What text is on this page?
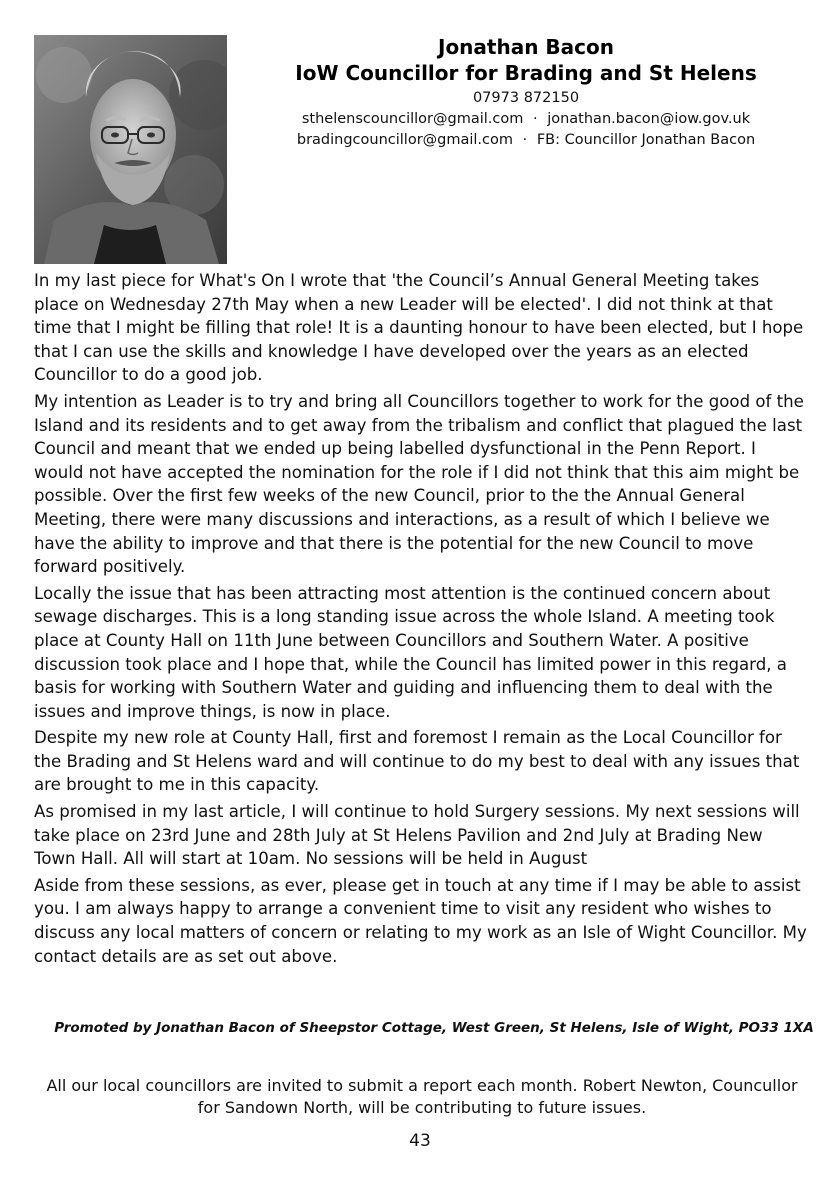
Jonathan Bacon
IoW Councillor for Brading and St Helens
07973 872150
sthelenscouncillor@gmail.com · jonathan.bacon@iow.gov.uk
bradingcouncillor@gmail.com · FB: Councillor Jonathan Bacon

In my last piece for What's On I wrote that 'the Council’s Annual General Meeting takes place on Wednesday 27th May when a new Leader will be elected'. I did not think at that time that I might be filling that role! It is a daunting honour to have been elected, but I hope that I can use the skills and knowledge I have developed over the years as an elected Councillor to do a good job.

My intention as Leader is to try and bring all Councillors together to work for the good of the Island and its residents and to get away from the tribalism and conflict that plagued the last Council and meant that we ended up being labelled dysfunctional in the Penn Report. I would not have accepted the nomination for the role if I did not think that this aim might be possible. Over the first few weeks of the new Council, prior to the the Annual General Meeting, there were many discussions and interactions, as a result of which I believe we have the ability to improve and that there is the potential for the new Council to move forward positively.

Locally the issue that has been attracting most attention is the continued concern about sewage discharges. This is a long standing issue across the whole Island. A meeting took place at County Hall on 11th June between Councillors and Southern Water. A positive discussion took place and I hope that, while the Council has limited power in this regard, a basis for working with Southern Water and guiding and influencing them to deal with the issues and improve things, is now in place.

Despite my new role at County Hall, first and foremost I remain as the Local Councillor for the Brading and St Helens ward and will continue to do my best to deal with any issues that are brought to me in this capacity.

As promised in my last article, I will continue to hold Surgery sessions. My next sessions will take place on 23rd June and 28th July at St Helens Pavilion and 2nd July at Brading New Town Hall. All will start at 10am. No sessions will be held in August

Aside from these sessions, as ever, please get in touch at any time if I may be able to assist you. I am always happy to arrange a convenient time to visit any resident who wishes to discuss any local matters of concern or relating to my work as an Isle of Wight Councillor. My contact details are as set out above.

Promoted by Jonathan Bacon of Sheepstor Cottage, West Green, St Helens, Isle of Wight, PO33 1XA
All our local councillors are invited to submit a report each month. Robert Newton, Councullor for Sandown North, will be contributing to future issues.
43
